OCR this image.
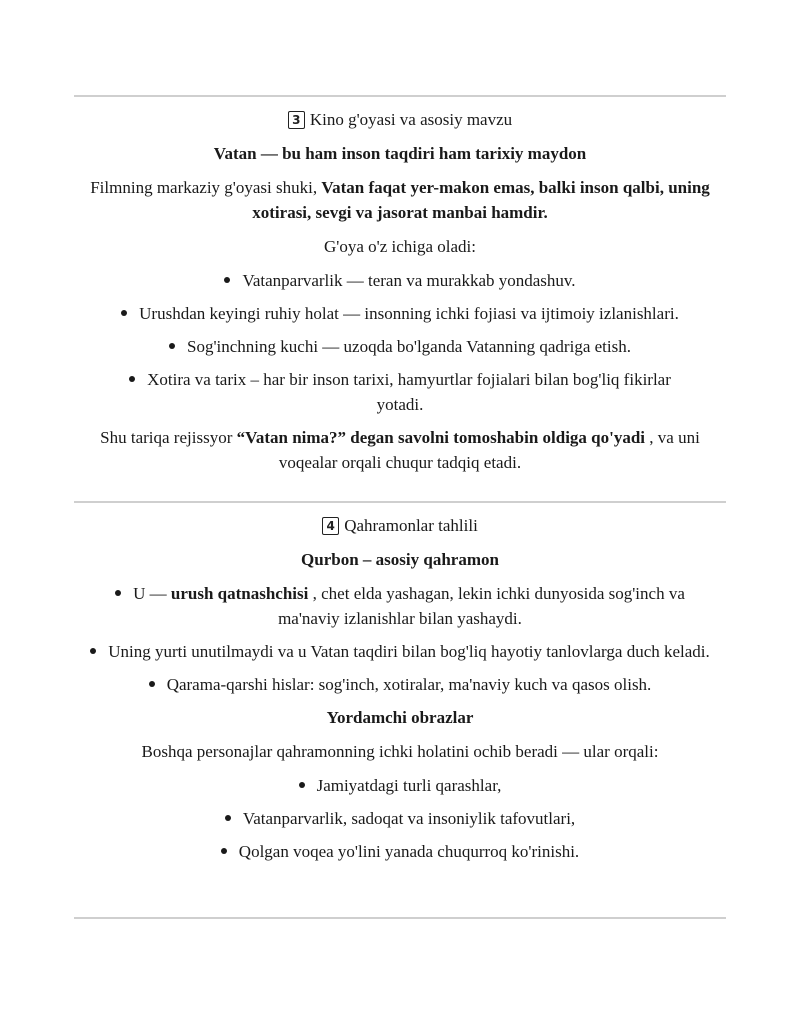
3 Kino g'oyasi va asosiy mavzu

Vatan — bu ham inson taqdiri ham tarixiy maydon

Filmning markaziy g'oyasi shuki, Vatan faqat yer-makon emas, balki inson qalbi, uning xotirasi, sevgi va jasorat manbai hamdir.

G'oya o'z ichiga oladi:

Vatanparvarlik — teran va murakkab yondashuv.
Urushdan keyingi ruhiy holat — insonning ichki fojiasi va ijtimoiy izlanishlari.
Sog'inchning kuchi — uzoqda bo'lganda Vatanning qadriga etish.
Xotira va tarix – har bir inson tarixi, hamyurtlar fojialari bilan bog'liq fikirlar yotadi.

Shu tariqa rejissyor “Vatan nima?” degan savolni tomoshabin oldiga qo'yadi , va uni voqealar orqali chuqur tadqiq etadi.

4 Qahramonlar tahlili

Qurbon – asosiy qahramon

U — urush qatnashchisi , chet elda yashagan, lekin ichki dunyosida sog'inch va ma'naviy izlanishlar bilan yashaydi.
Uning yurti unutilmaydi va u Vatan taqdiri bilan bog'liq hayotiy tanlovlarga duch keladi.
Qarama-qarshi hislar: sog'inch, xotiralar, ma'naviy kuch va qasos olish.

Yordamchi obrazlar

Boshqa personajlar qahramonning ichki holatini ochib beradi — ular orqali:

Jamiyatdagi turli qarashlar,
Vatanparvarlik, sadoqat va insoniylik tafovutlari,
Qolgan voqea yo'lini yanada chuqurroq ko'rinishi.
